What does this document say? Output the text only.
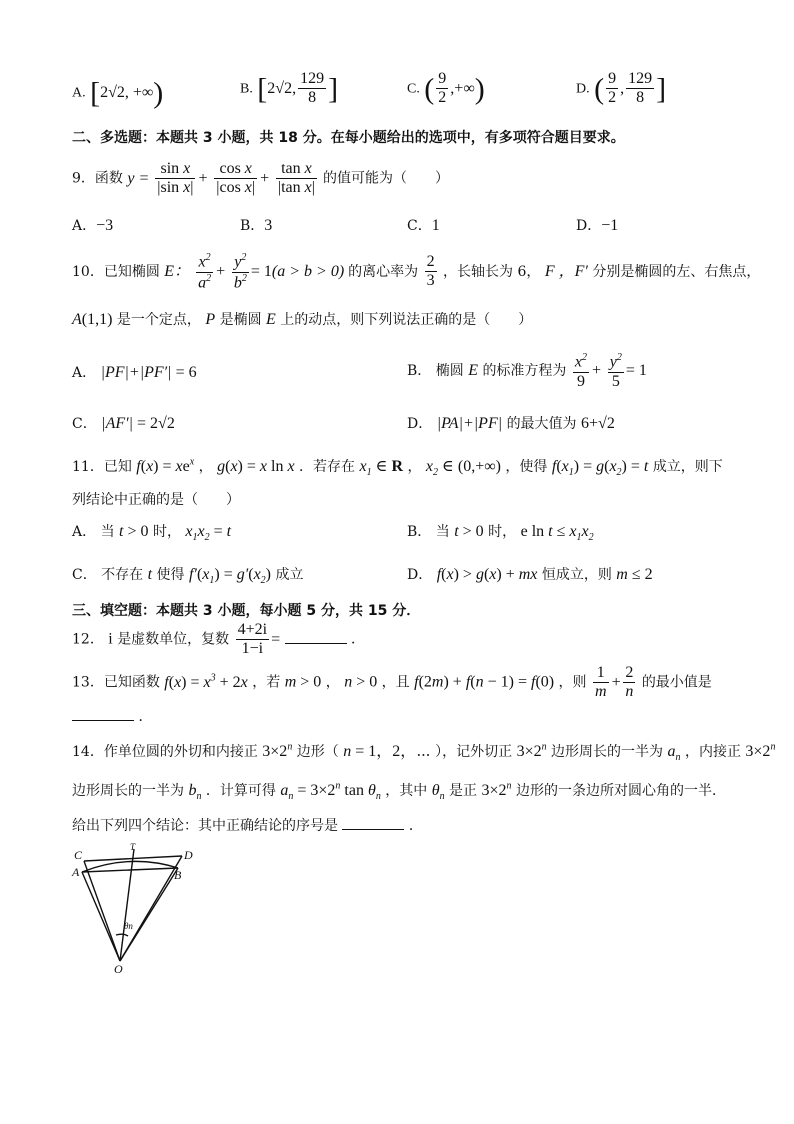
A. [2√2, +∞)	B. [2√2, $\frac{129}{8}$ ]	C. ( $\frac{9}{2}$ ,+∞)	D. ( $\frac{9}{2}$ , $\frac{129}{8}$ ]
二、多选题：本题共 3 小题，共 18 分。在每小题给出的选项中，有多项符合题目要求。
9．函数 $y = \frac{\text{sin x}}{\text{|sin x|}} + \frac{\text{cos x}}{\text{|cos x|}} + \frac{\text{tan x}}{\text{|tan x|}}$ 的值可能为（　　）
A．−3	B．3	C．1	D．−1
10．已知椭圆 E： $\frac{x^2}{a^2} + \frac{y^2}{b^2} = 1(a > b > 0)$ 的离心率为 $\frac{2}{3}$ ，长轴长为 6， F ，F′ 分别是椭圆的左、右焦点，
A(1,1) 是一个定点， P 是椭圆 E 上的动点，则下列说法正确的是（　　）
A． |PF|+|PF′| = 6	B． 椭圆 E 的标准方程为 $\frac{x^2}{9} + \frac{y^2}{5} = 1$
C． |AF′| = 2√2	D． |PA|+|PF| 的最大值为 6+√2
11．已知 $f(x) = xe^x$ ， g(x) = x ln x ．若存在 $x_1$ ∈ R ， $x_2$ ∈ (0,+∞) ，使得 $f(x_1) = g(x_2) = t$ 成立，则下
列结论中正确的是（　　）
A． 当 t > 0 时， $x_1x_2 = t$	B． 当 t > 0 时， e $\ln t \le x_1x_2$
C． 不存在 t 使得 $f'(x_1) = g'(x_2)$ 成立	D． f(x) > g(x) + mx 恒成立，则 m ≤ 2
三、填空题：本题共 3 小题，每小题 5 分，共 15 分．
12． i 是虚数单位，复数 $\frac{4+2i}{1-i}$ =	．
13．已知函数 $f(x) = x^3 + 2x$ ，若 m > 0 ， n > 0 ，且 f(2m) + f(n − 1) = f(0) ，则 $\frac{1}{m} + \frac{2}{n}$ 的最小值是
．
14．作单位圆的外切和内接正 $3\times 2^n$ 边形（ n = 1，2，⋯ ），记外切正 $3\times 2^n$ 边形周长的一半为 $a_n$ ，内接正 $3\times 2^n$
边形周长的一半为 $b_n$ ．计算可得 $a_n = 3\times 2^n$ $\tan \theta_n$ ，其中 $\theta_n$ 是正 $3\times 2^n$ 边形的一条边所对圆心角的一半．
给出下列四个结论：其中正确结论的序号是	．
C
T
D
A	B
θn
O
